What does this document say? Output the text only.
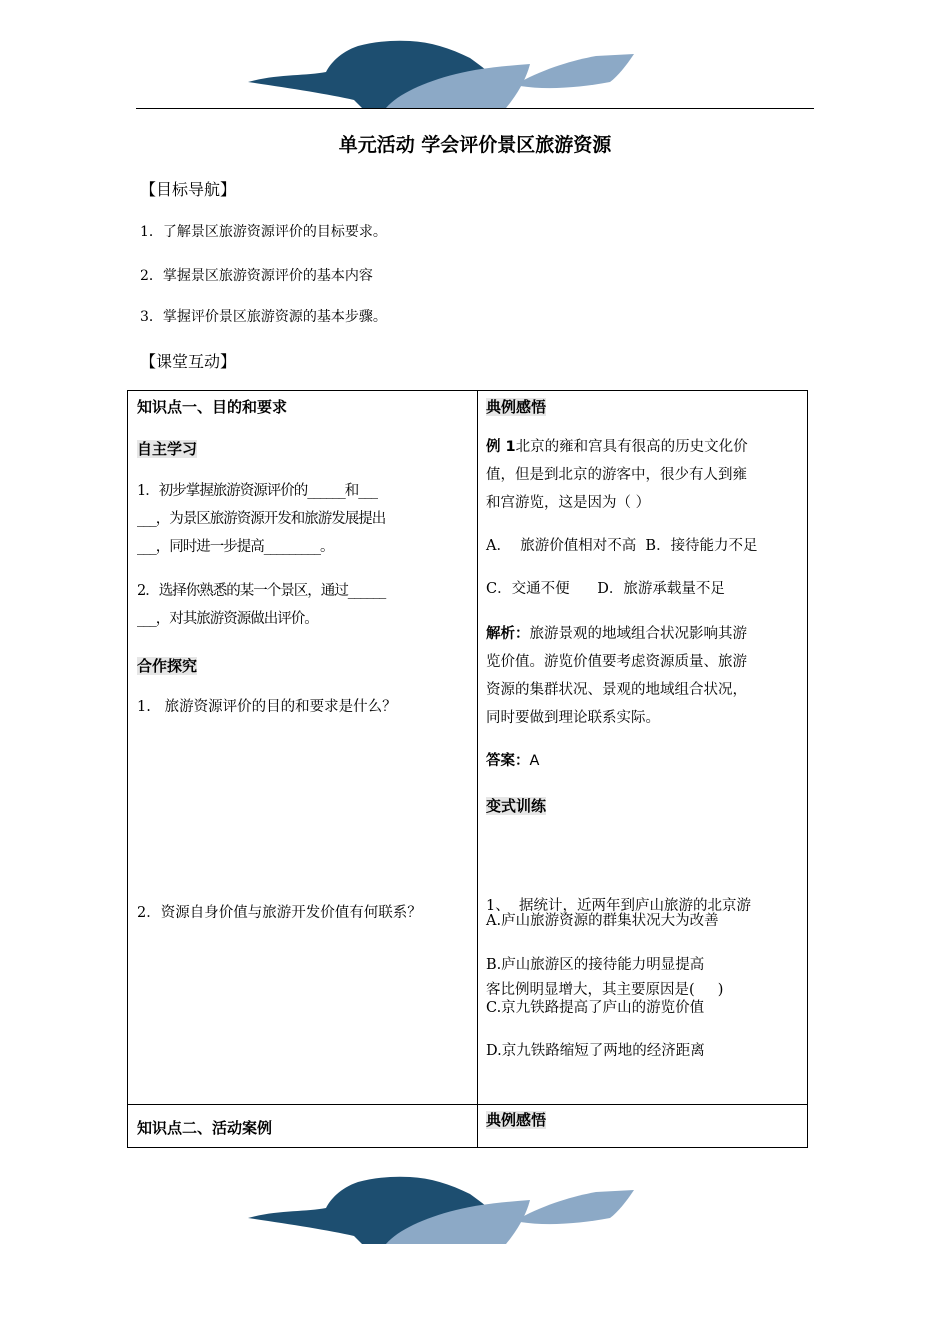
单元活动 学会评价景区旅游资源
【目标导航】
1．了解景区旅游资源评价的目标要求。
2．掌握景区旅游资源评价的基本内容
3．掌握评价景区旅游资源的基本步骤。
【课堂互动】
知识点一、目的和要求
自主学习
1．初步掌握旅游资源评价的______和___
___，为景区旅游资源开发和旅游发展提出
___，同时进一步提高_________。
2．选择你熟悉的某一个景区，通过______
___，对其旅游资源做出评价。
合作探究
1.   旅游资源评价的目的和要求是什么？
2．资源自身价值与旅游开发价值有何联系？
典例感悟
例 1北京的雍和宫具有很高的历史文化价
值，但是到北京的游客中，很少有人到雍
和宫游览，这是因为（ ）
A．  旅游价值相对不高  B．接待能力不足
C．交通不便      D．旅游承载量不足
解析：旅游景观的地域组合状况影响其游
览价值。游览价值要考虑资源质量、旅游
资源的集群状况、景观的地域组合状况，
同时要做到理论联系实际。
答案：A
变式训练

1、  据统计，近两年到庐山旅游的北京游

客比例明显增大，其主要原因是(     )

A.庐山旅游资源的群集状况大为改善
B.庐山旅游区的接待能力明显提高
C.京九铁路提高了庐山的游览价值
D.京九铁路缩短了两地的经济距离
知识点二、活动案例	典例感悟
